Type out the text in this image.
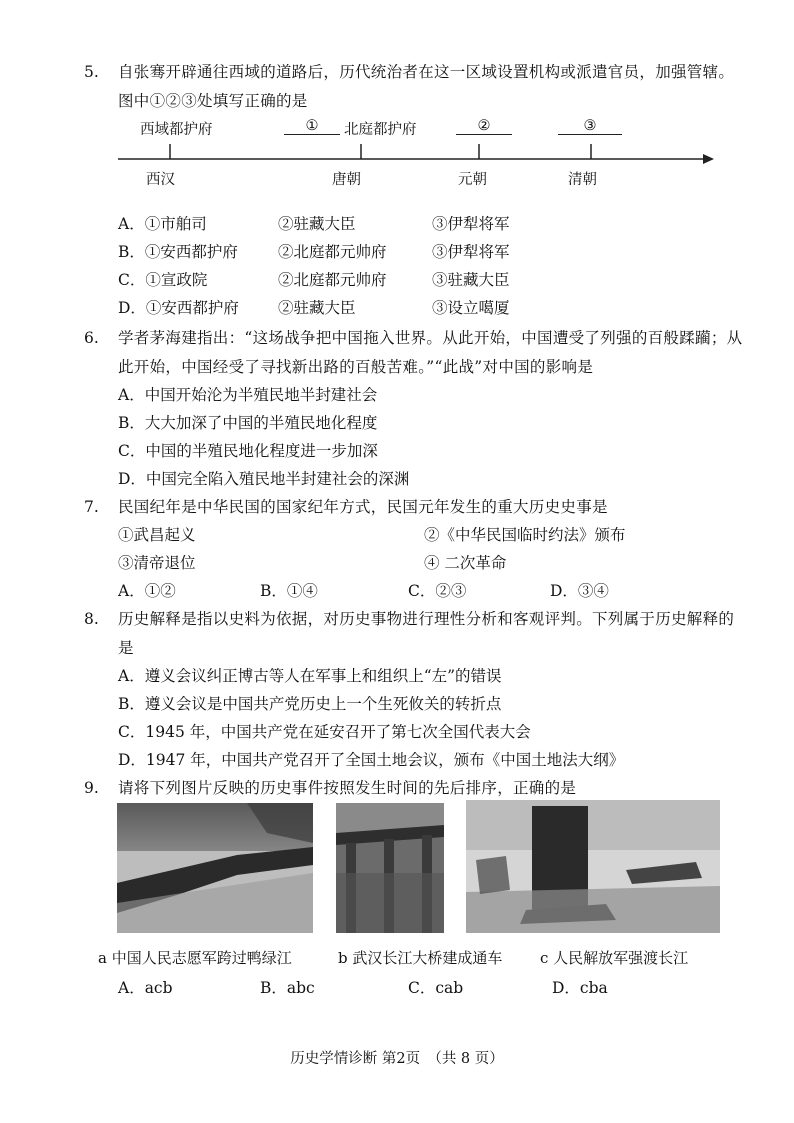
5.	自张骞开辟通往西域的道路后，历代统治者在这一区域设置机构或派遣官员，加强管辖。图中①②③处填写正确的是
西域都护府	①	北庭都护府	②	③
西汉	唐朝	元朝	清朝
A．①市舶司	②驻藏大臣	③伊犁将军
B．①安西都护府	②北庭都元帅府	③伊犁将军
C．①宣政院	②北庭都元帅府	③驻藏大臣
D．①安西都护府	②驻藏大臣	③设立噶厦
6.	学者茅海建指出：“这场战争把中国拖入世界。从此开始，中国遭受了列强的百般蹂躏；从此开始，中国经受了寻找新出路的百般苦难。”“此战”对中国的影响是
A．中国开始沦为半殖民地半封建社会
B．大大加深了中国的半殖民地化程度
C．中国的半殖民地化程度进一步加深
D．中国完全陷入殖民地半封建社会的深渊
7.	民国纪年是中华民国的国家纪年方式，民国元年发生的重大历史史事是
①武昌起义	②《中华民国临时约法》颁布
③清帝退位	④ 二次革命
A．①②	B．①④	C．②③	D．③④
8.	历史解释是指以史料为依据，对历史事物进行理性分析和客观评判。下列属于历史解释的是
A．遵义会议纠正博古等人在军事上和组织上“左”的错误
B．遵义会议是中国共产党历史上一个生死攸关的转折点
C．1945 年，中国共产党在延安召开了第七次全国代表大会
D．1947 年，中国共产党召开了全国土地会议，颁布《中国土地法大纲》
9.	请将下列图片反映的历史事件按照发生时间的先后排序，正确的是
a 中国人民志愿军跨过鸭绿江	b 武汉长江大桥建成通车	c 人民解放军强渡长江
A．acb	B．abc	C．cab	D．cba
历史学情诊断 第2页　（共 8 页）
